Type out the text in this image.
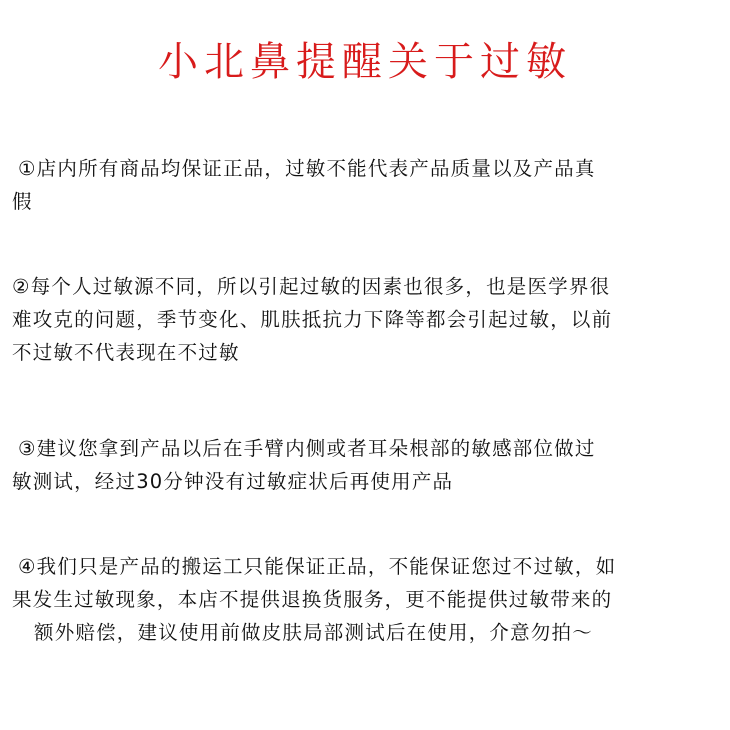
小北鼻提醒关于过敏
①店内所有商品均保证正品，过敏不能代表产品质量以及产品真
假
②每个人过敏源不同，所以引起过敏的因素也很多，也是医学界很
难攻克的问题，季节变化、肌肤抵抗力下降等都会引起过敏，以前
不过敏不代表现在不过敏
③建议您拿到产品以后在手臂内侧或者耳朵根部的敏感部位做过
敏测试，经过30分钟没有过敏症状后再使用产品
④我们只是产品的搬运工只能保证正品，不能保证您过不过敏，如
果发生过敏现象，本店不提供退换货服务，更不能提供过敏带来的
额外赔偿，建议使用前做皮肤局部测试后在使用，介意勿拍～
